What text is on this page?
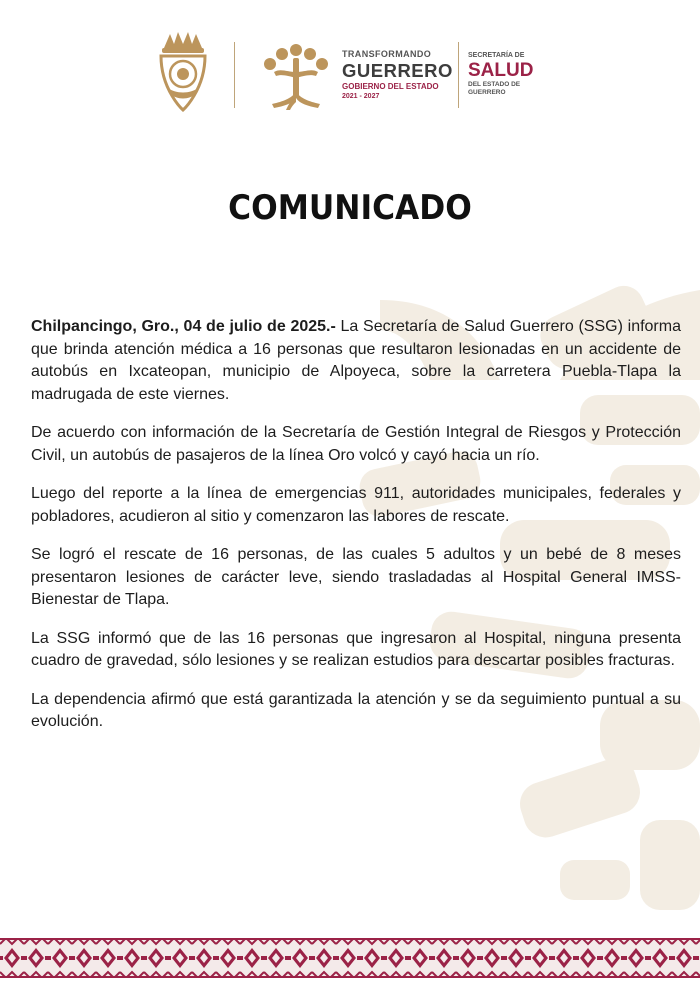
TRANSFORMANDO
GUERRERO
GOBIERNO DEL ESTADO
2021 - 2027
SECRETARÍA DE
SALUD
DEL ESTADO DE
GUERRERO
COMUNICADO

Chilpancingo, Gro., 04 de julio de 2025.- La Secretaría de Salud Guerrero (SSG) informa que brinda atención médica a 16 personas que resultaron lesionadas en un accidente de autobús en Ixcateopan, municipio de Alpoyeca, sobre la carretera Puebla-Tlapa la madrugada de este viernes.

De acuerdo con información de la Secretaría de Gestión Integral de Riesgos y Protección Civil, un autobús de pasajeros de la línea Oro volcó y cayó hacia un río.

Luego del reporte a la línea de emergencias 911, autoridades municipales, federales y pobladores, acudieron al sitio y comenzaron las labores de rescate.

Se logró el rescate de 16 personas, de las cuales 5 adultos y un bebé de 8 meses presentaron lesiones de carácter leve, siendo trasladadas al Hospital General IMSS-Bienestar de Tlapa.

La SSG informó que de las 16 personas que ingresaron al Hospital, ninguna presenta cuadro de gravedad, sólo lesiones y se realizan estudios para descartar posibles fracturas.

La dependencia afirmó que está garantizada la atención y se da seguimiento puntual a su evolución.
